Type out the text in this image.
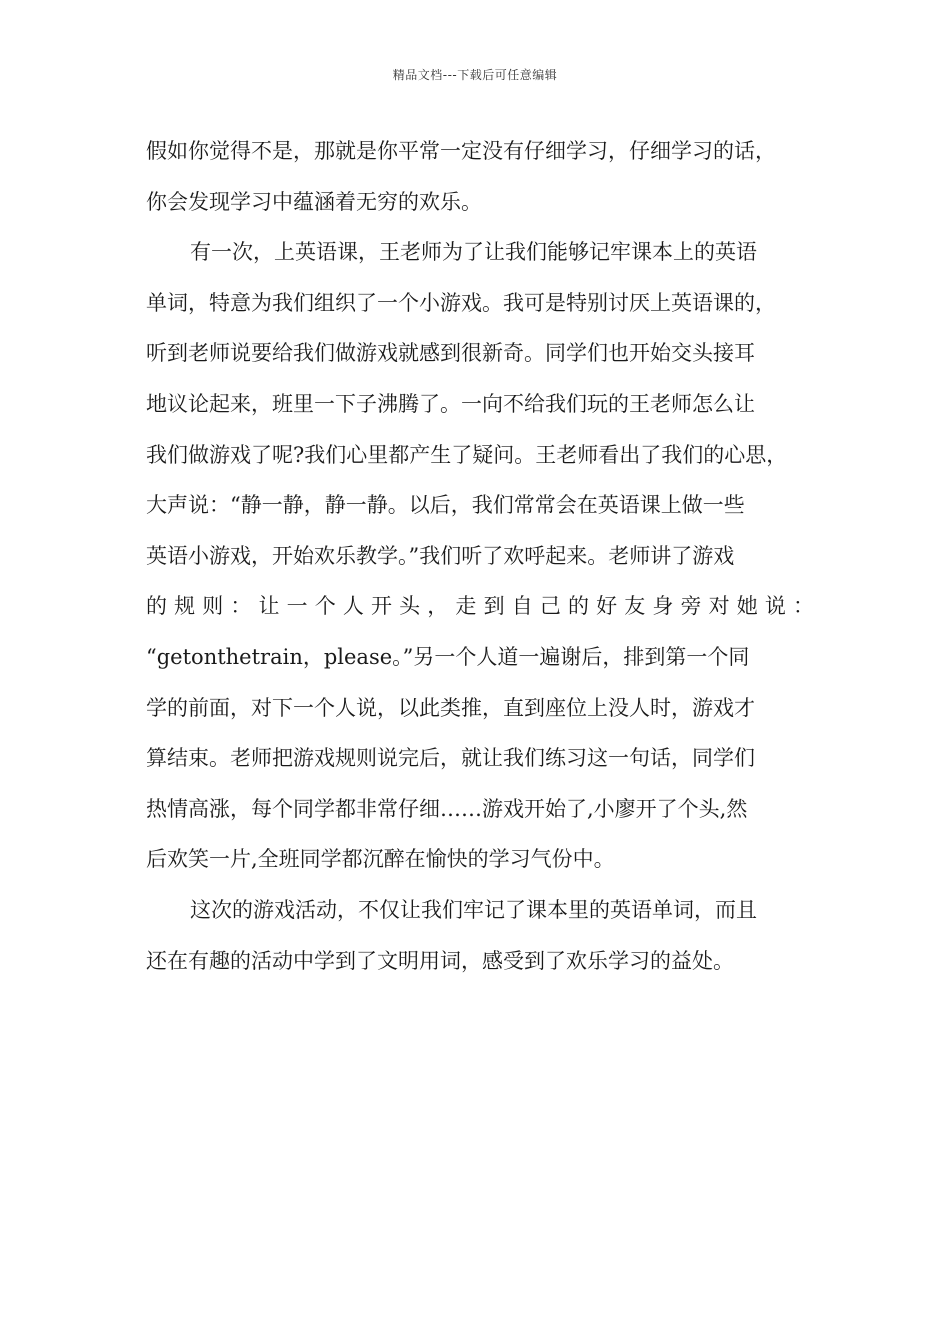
精品文档---下载后可任意编辑
假如你觉得不是，那就是你平常一定没有仔细学习，仔细学习的话，
你会发现学习中蕴涵着无穷的欢乐。
有一次，上英语课，王老师为了让我们能够记牢课本上的英语
单词，特意为我们组织了一个小游戏。我可是特别讨厌上英语课的，
听到老师说要给我们做游戏就感到很新奇。同学们也开始交头接耳
地议论起来，班里一下子沸腾了。一向不给我们玩的王老师怎么让
我们做游戏了呢?我们心里都产生了疑问。王老师看出了我们的心思，
大声说：“静一静，静一静。以后，我们常常会在英语课上做一些
英语小游戏，开始欢乐教学。”我们听了欢呼起来。老师讲了游戏
的规则：让一个人开头，走到自己的好友身旁对她说：
“getonthetrain，please。”另一个人道一遍谢后，排到第一个同
学的前面，对下一个人说，以此类推，直到座位上没人时，游戏才
算结束。老师把游戏规则说完后，就让我们练习这一句话，同学们
热情高涨，每个同学都非常仔细……游戏开始了,小廖开了个头,然
后欢笑一片,全班同学都沉醉在愉快的学习气份中。
这次的游戏活动，不仅让我们牢记了课本里的英语单词，而且
还在有趣的活动中学到了文明用词，感受到了欢乐学习的益处。
